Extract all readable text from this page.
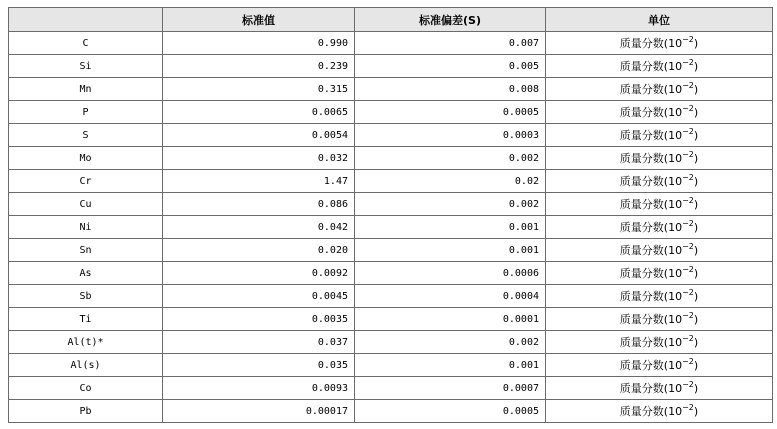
	标准值	标准偏差(S)	单位
C	0.990	0.007	质量分数$(10^{-2})$
Si	0.239	0.005	质量分数$(10^{-2})$
Mn	0.315	0.008	质量分数$(10^{-2})$
P	0.0065	0.0005	质量分数$(10^{-2})$
S	0.0054	0.0003	质量分数$(10^{-2})$
Mo	0.032	0.002	质量分数$(10^{-2})$
Cr	1.47	0.02	质量分数$(10^{-2})$
Cu	0.086	0.002	质量分数$(10^{-2})$
Ni	0.042	0.001	质量分数$(10^{-2})$
Sn	0.020	0.001	质量分数$(10^{-2})$
As	0.0092	0.0006	质量分数$(10^{-2})$
Sb	0.0045	0.0004	质量分数$(10^{-2})$
Ti	0.0035	0.0001	质量分数$(10^{-2})$
Al(t)*	0.037	0.002	质量分数$(10^{-2})$
Al(s)	0.035	0.001	质量分数$(10^{-2})$
Co	0.0093	0.0007	质量分数$(10^{-2})$
Pb	0.00017	0.0005	质量分数$(10^{-2})$
